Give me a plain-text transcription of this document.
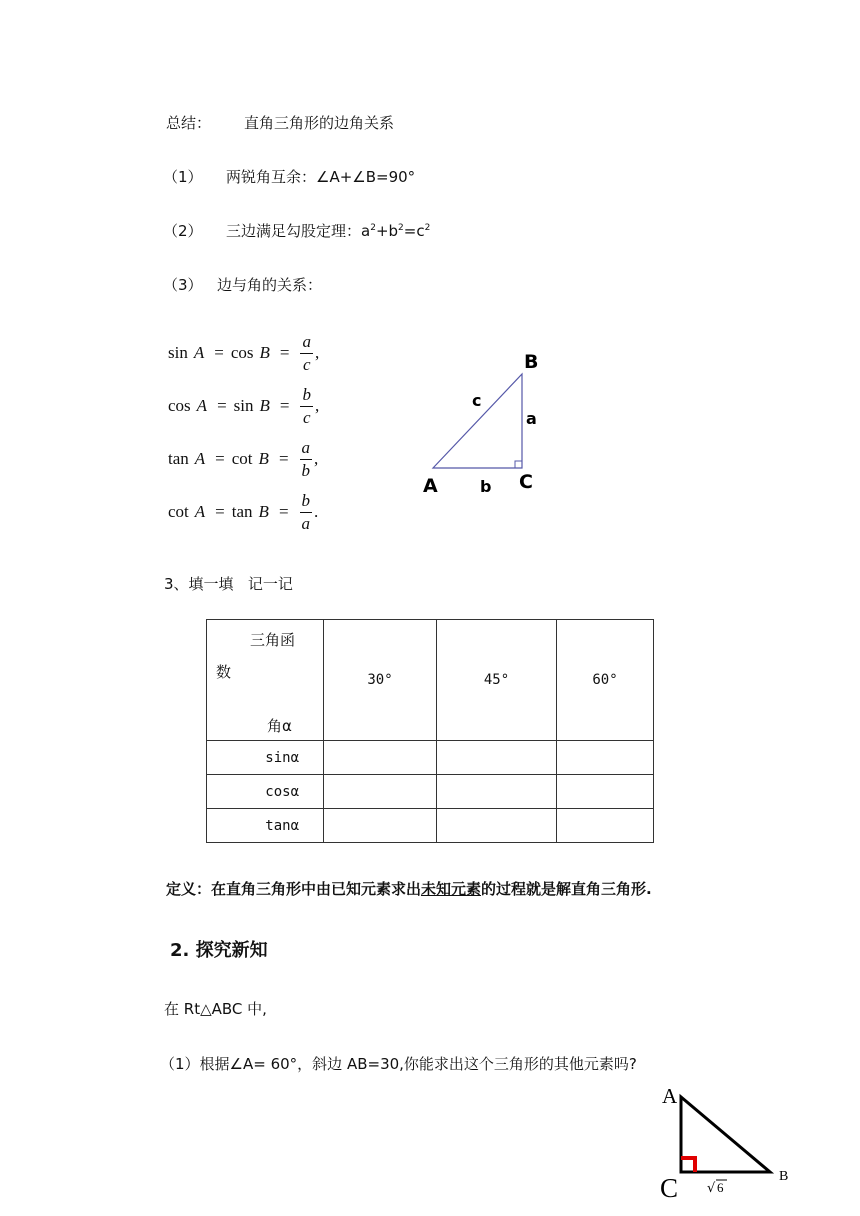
总结： 直角三角形的边角关系
（1） 两锐角互余：∠A+∠B=90°
（2） 三边满足勾股定理：$a^2+b^2=c^2$
（3） 边与角的关系：
$\sin A = \cos B = \frac{a}{c}$ ,
$\cos A = \sin B = \frac{b}{c}$ ,
$\tan A = \cot B = \frac{a}{b}$ ,
$\cot A = \tan B = \frac{b}{a}$ .
B
c
a
A	b C
3、填一填   记一记
三角函
数
角α	30°	45°	60°
sinα			
cosα			
tanα			
定义：在直角三角形中由已知元素求出未知元素的过程就是解直角三角形.
2. 探究新知
在 Rt△ABC 中,
（1）根据∠A= 60°，斜边 AB=30,你能求出这个三角形的其他元素吗?
A
B
C √ 6
